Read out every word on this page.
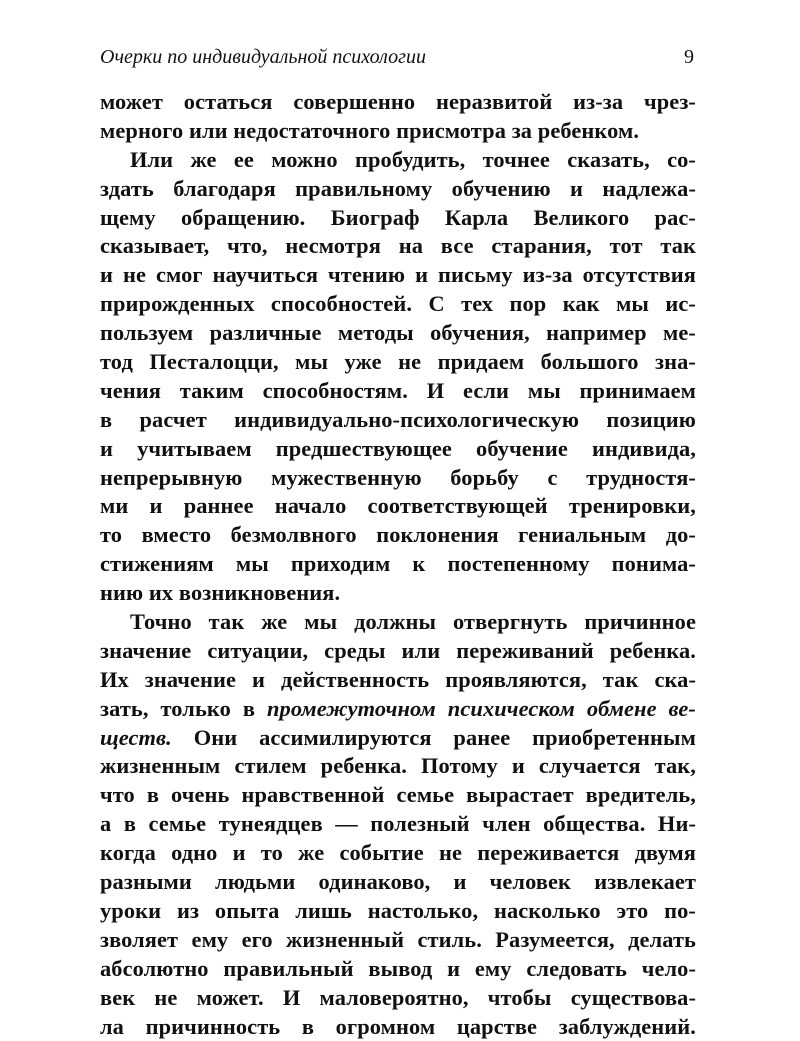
Очерки по индивидуальной психологии	9
может остаться совершенно неразвитой из-за чрез-
мерного или недостаточного присмотра за ребенком.
Или же ее можно пробудить, точнее сказать, со-
здать благодаря правильному обучению и надлежа-
щему обращению. Биограф Карла Великого рас-
сказывает, что, несмотря на все старания, тот так
и не смог научиться чтению и письму из-за отсутствия
прирожденных способностей. С тех пор как мы ис-
пользуем различные методы обучения, например ме-
тод Песталоцци, мы уже не придаем большого зна-
чения таким способностям. И если мы принимаем
в расчет индивидуально-психологическую позицию
и учитываем предшествующее обучение индивида,
непрерывную мужественную борьбу с трудностя-
ми и раннее начало соответствующей тренировки,
то вместо безмолвного поклонения гениальным до-
стижениям мы приходим к постепенному понима-
нию их возникновения.
Точно так же мы должны отвергнуть причинное
значение ситуации, среды или переживаний ребенка.
Их значение и действенность проявляются, так ска-
зать, только в промежуточном психическом обмене ве-
ществ. Они ассимилируются ранее приобретенным
жизненным стилем ребенка. Потому и случается так,
что в очень нравственной семье вырастает вредитель,
а в семье тунеядцев — полезный член общества. Ни-
когда одно и то же событие не переживается двумя
разными людьми одинаково, и человек извлекает
уроки из опыта лишь настолько, насколько это по-
зволяет ему его жизненный стиль. Разумеется, делать
абсолютно правильный вывод и ему следовать чело-
век не может. И маловероятно, чтобы существова-
ла причинность в огромном царстве заблуждений.
